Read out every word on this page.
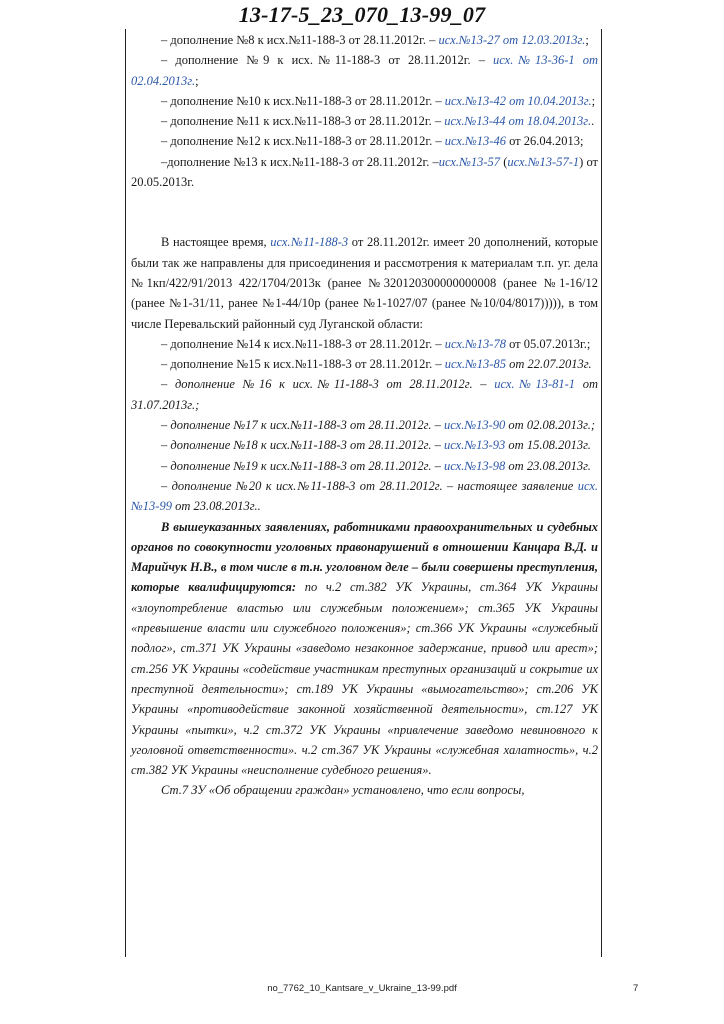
13-17-5_23_070_13-99_07

– дополнение №8 к исх.№11-188-3 от 28.11.2012г. – исх.№13-27 от 12.03.2013г.;

– дополнение №9 к исх.№11-188-3 от 28.11.2012г. – исх.№13-36-1 от 02.04.2013г.;

– дополнение №10 к исх.№11-188-3 от 28.11.2012г. – исх.№13-42 от 10.04.2013г.;

– дополнение №11 к исх.№11-188-3 от 28.11.2012г. – исх.№13-44 от 18.04.2013г..

– дополнение №12 к исх.№11-188-3 от 28.11.2012г. – исх.№13-46 от 26.04.2013;

–дополнение №13 к исх.№11-188-3 от 28.11.2012г. –исх.№13-57 (исх.№13-57-1) от 20.05.2013г.

В настоящее время, исх.№11-188-3 от 28.11.2012г. имеет 20 дополнений, которые были так же направлены для присоединения и рассмотрения к материалам т.п. уг. дела №1кп/422/91/2013 422/1704/2013к (ранее №320120300000000008 (ранее №1-16/12 (ранее №1-31/11, ранее №1-44/10р (ранее №1-1027/07 (ранее №10/04/8017))))), в том числе Перевальский районный суд Луганской области:

– дополнение №14 к исх.№11-188-3 от 28.11.2012г. – исх.№13-78 от 05.07.2013г.;

– дополнение №15 к исх.№11-188-3 от 28.11.2012г. – исх.№13-85 от 22.07.2013г.

– дополнение №16 к исх.№11-188-3 от 28.11.2012г. – исх.№13-81-1 от 31.07.2013г.;

– дополнение №17 к исх.№11-188-3 от 28.11.2012г. – исх.№13-90 от 02.08.2013г.;

– дополнение №18 к исх.№11-188-3 от 28.11.2012г. – исх.№13-93 от 15.08.2013г.

– дополнение №19 к исх.№11-188-3 от 28.11.2012г. – исх.№13-98 от 23.08.2013г.

– дополнение №20 к исх.№11-188-3 от 28.11.2012г. – настоящее заявление исх.№13-99 от 23.08.2013г..

В вышеуказанных заявлениях, работниками правоохранительных и судебных органов по совокупности уголовных правонарушений в отношении Канцара В.Д. и Марийчук Н.В., в том числе в т.н. уголовном деле – были совершены преступления, которые квалифицируются: по ч.2 ст.382 УК Украины, ст.364 УК Украины «злоупотребление властью или служебным положением»; ст.365 УК Украины «превышение власти или служебного положения»; ст.366 УК Украины «служебный подлог», ст.371 УК Украины «заведомо незаконное задержание, привод или арест»; ст.256 УК Украины «содействие участникам преступных организаций и сокрытие их преступной деятельности»; ст.189 УК Украины «вымогательство»; ст.206 УК Украины «противодействие законной хозяйственной деятельности», ст.127 УК Украины «пытки», ч.2 ст.372 УК Украины «привлечение заведомо невиновного к уголовной ответственности». ч.2 ст.367 УК Украины «служебная халатность», ч.2 ст.382 УК Украины «неисполнение судебного решения».

Ст.7 ЗУ «Об обращении граждан» установлено, что если вопросы,

no_7762_10_Kantsare_v_Ukraine_13-99.pdf	7
